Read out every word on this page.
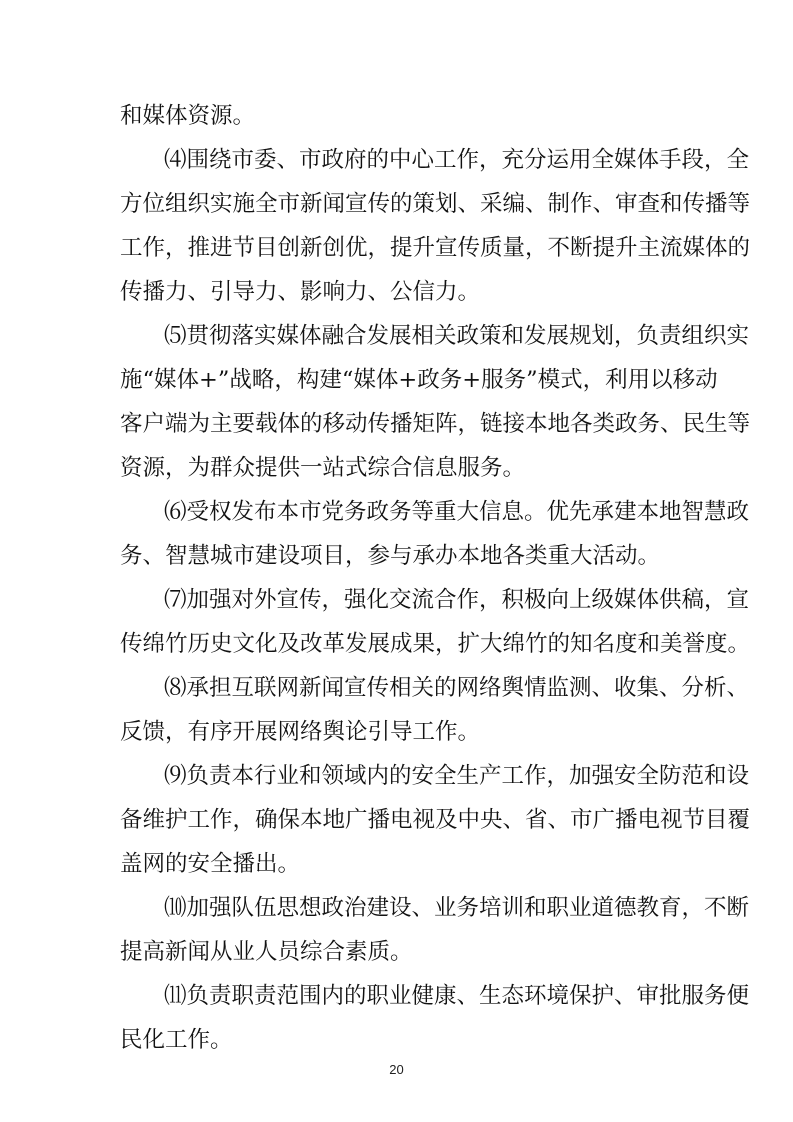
和媒体资源。
⑷围绕市委、市政府的中心工作，充分运用全媒体手段，全
方位组织实施全市新闻宣传的策划、采编、制作、审查和传播等
工作，推进节目创新创优，提升宣传质量，不断提升主流媒体的
传播力、引导力、影响力、公信力。
⑸贯彻落实媒体融合发展相关政策和发展规划，负责组织实
施“媒体+”战略，构建“媒体+政务+服务”模式，利用以移动
客户端为主要载体的移动传播矩阵，链接本地各类政务、民生等
资源，为群众提供一站式综合信息服务。
⑹受权发布本市党务政务等重大信息。优先承建本地智慧政
务、智慧城市建设项目，参与承办本地各类重大活动。
⑺加强对外宣传，强化交流合作，积极向上级媒体供稿，宣
传绵竹历史文化及改革发展成果，扩大绵竹的知名度和美誉度。
⑻承担互联网新闻宣传相关的网络舆情监测、收集、分析、
反馈，有序开展网络舆论引导工作。
⑼负责本行业和领域内的安全生产工作，加强安全防范和设
备维护工作，确保本地广播电视及中央、省、市广播电视节目覆
盖网的安全播出。
⑽加强队伍思想政治建设、业务培训和职业道德教育，不断
提高新闻从业人员综合素质。
⑾负责职责范围内的职业健康、生态环境保护、审批服务便
民化工作。
20
